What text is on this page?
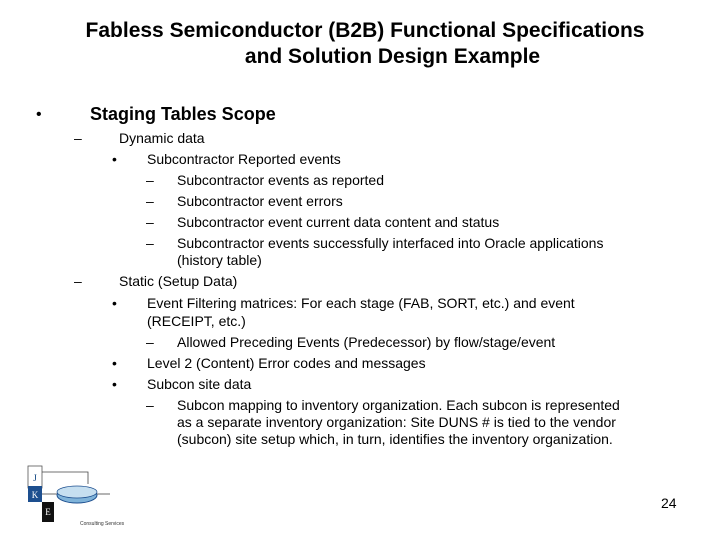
Fabless Semiconductor (B2B) Functional Specifications
and Solution Design Example
•	Staging Tables Scope
–	Dynamic data
• Subcontractor Reported events
– Subcontractor events as reported
– Subcontractor event errors
– Subcontractor event current data content and status
– Subcontractor events successfully interfaced into Oracle applications
(history table)
–	Static (Setup Data)
• Event Filtering matrices: For each stage (FAB, SORT, etc.) and event
(RECEIPT, etc.)
– Allowed Preceding Events (Predecessor) by flow/stage/event
• Level 2 (Content) Error codes and messages
• Subcon site data
– Subcon mapping to inventory organization. Each subcon is represented
as a separate inventory organization: Site DUNS # is tied to the vendor
(subcon) site setup which, in turn, identifies the inventory organization.
J
K
E
Consulting Services
24
